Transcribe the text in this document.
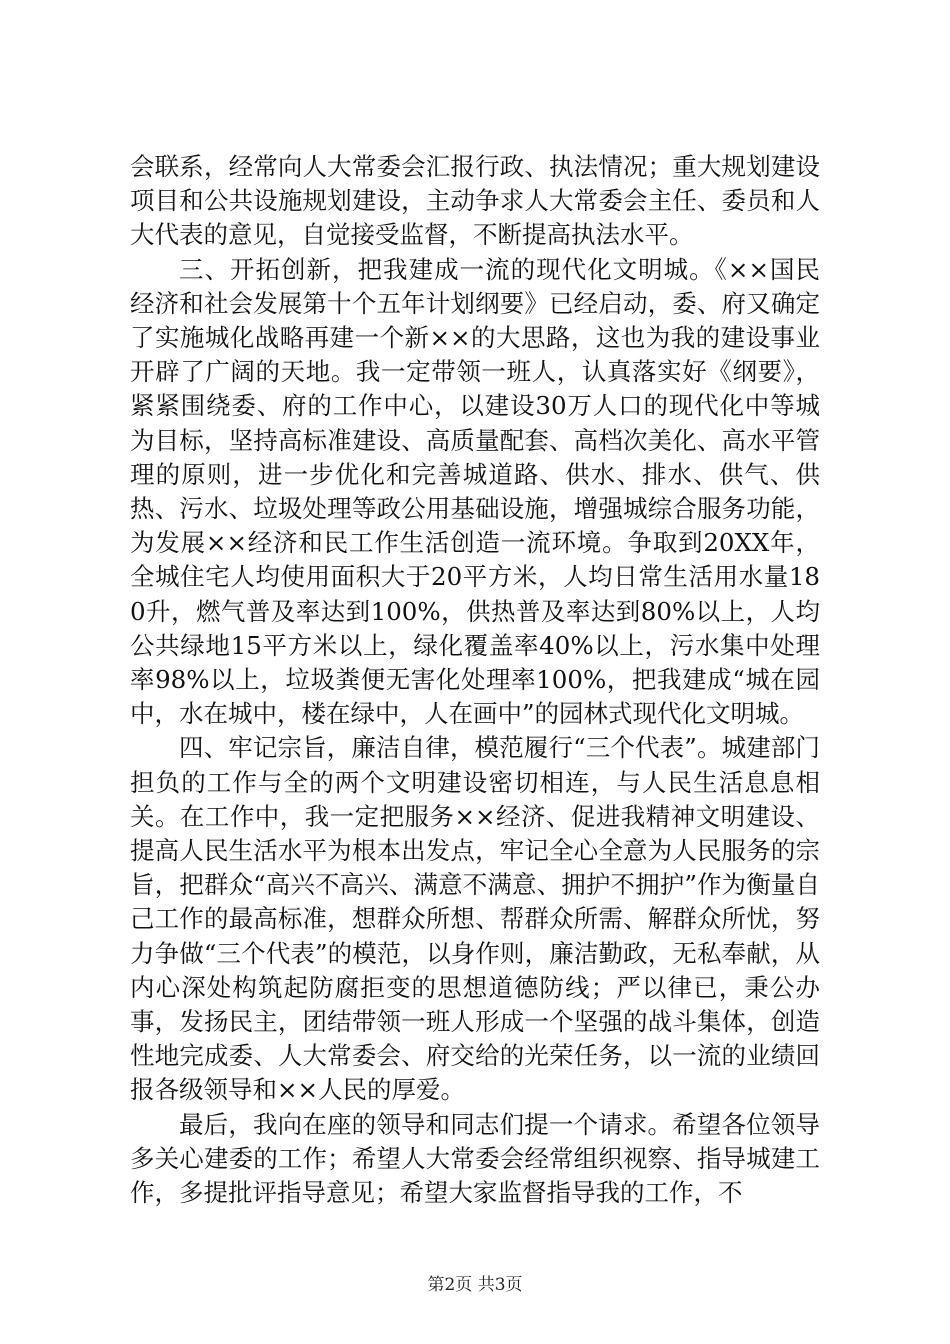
会联系，经常向人大常委会汇报行政、执法情况；重大规划建设项目和公共设施规划建设，主动争求人大常委会主任、委员和人大代表的意见，自觉接受监督，不断提高执法水平。

三、开拓创新，把我建成一流的现代化文明城。《××国民经济和社会发展第十个五年计划纲要》已经启动，委、府又确定了实施城化战略再建一个新××的大思路，这也为我的建设事业开辟了广阔的天地。我一定带领一班人，认真落实好《纲要》，紧紧围绕委、府的工作中心，以建设30万人口的现代化中等城为目标，坚持高标准建设、高质量配套、高档次美化、高水平管理的原则，进一步优化和完善城道路、供水、排水、供气、供热、污水、垃圾处理等政公用基础设施，增强城综合服务功能，为发展××经济和民工作生活创造一流环境。争取到20XX年，全城住宅人均使用面积大于20平方米，人均日常生活用水量180升，燃气普及率达到100%，供热普及率达到80%以上，人均公共绿地15平方米以上，绿化覆盖率40%以上，污水集中处理率98%以上，垃圾粪便无害化处理率100%，把我建成“城在园中，水在城中，楼在绿中，人在画中”的园林式现代化文明城。

四、牢记宗旨，廉洁自律，模范履行“三个代表”。城建部门担负的工作与全的两个文明建设密切相连，与人民生活息息相关。在工作中，我一定把服务××经济、促进我精神文明建设、提高人民生活水平为根本出发点，牢记全心全意为人民服务的宗旨，把群众“高兴不高兴、满意不满意、拥护不拥护”作为衡量自己工作的最高标准，想群众所想、帮群众所需、解群众所忧，努力争做“三个代表”的模范，以身作则，廉洁勤政，无私奉献，从内心深处构筑起防腐拒变的思想道德防线；严以律已，秉公办事，发扬民主，团结带领一班人形成一个坚强的战斗集体，创造性地完成委、人大常委会、府交给的光荣任务，以一流的业绩回报各级领导和××人民的厚爱。

最后，我向在座的领导和同志们提一个请求。希望各位领导多关心建委的工作；希望人大常委会经常组织视察、指导城建工作，多提批评指导意见；希望大家监督指导我的工作，不

第2页 共3页
